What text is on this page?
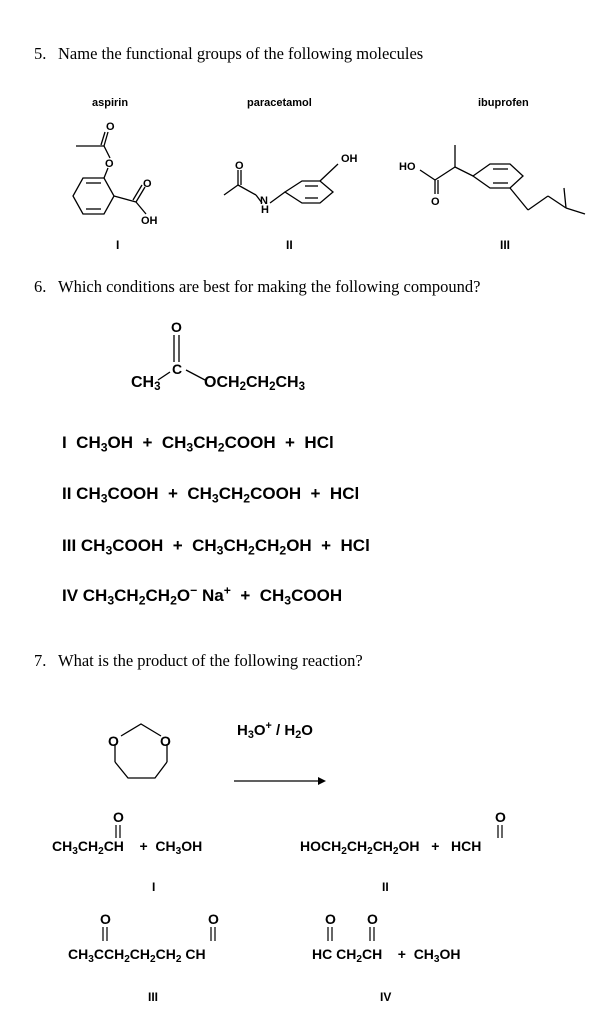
5. Name the functional groups of the following molecules
aspirin	paracetamol	ibuprofen
O
O
O
OH
O
N
H
OH
HO
O
I	II	III
6. Which conditions are best for making the following compound?
O
C
$CH_3$	$OCH_2CH_2CH_3$
I  $CH_3OH$  +  $CH_3CH_2COOH$  +  HCl
II $CH_3COOH$  +  $CH_3CH_2COOH$  +  HCl
III $CH_3COOH + CH_3CH_2CH_2OH$  +  HCl
IV $CH_3CH_2CH_2O^-$ $Na^+ + CH_3COOH$
7. What is the product of the following reaction?
O	O
$H_3O^+ / H_2O$
O	O
O	O	O O
$CH_3CH_2CH$    +  $CH_3OH$	$HOCH_2CH_2CH_2OH$   +   HCH
I	II
$CH_3CCH_2CH_2CH_2$ CH	HC $CH_2CH$    +  $CH_3OH$
III	IV
